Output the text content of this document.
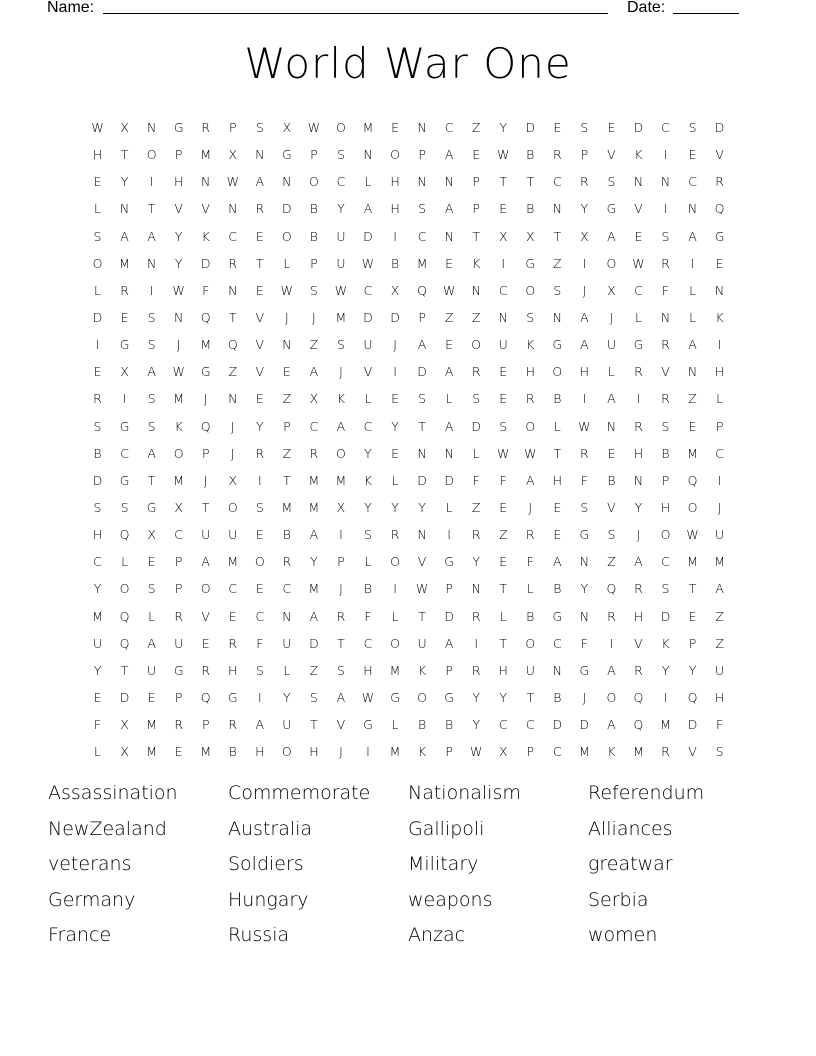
Name:	Date:
World War One
W	X	N	G	R	P	S	X	W	O	M	E	N	C	Z	Y	D	E	S	E	D	C	S	D
H	T	O	P	M	X	N	G	P	S	N	O	P	A	E	W	B	R	P	V	K	I	E	V
E	Y	I	H	N	W	A	N	O	C	L	H	N	N	P	T	T	C	R	S	N	N	C	R
L	N	T	V	V	N	R	D	B	Y	A	H	S	A	P	E	B	N	Y	G	V	I	N	Q
S	A	A	Y	K	C	E	O	B	U	D	I	C	N	T	X	X	T	X	A	E	S	A	G
O	M	N	Y	D	R	T	L	P	U	W	B	M	E	K	I	G	Z	I	O	W	R	I	E
L	R	I	W	F	N	E	W	S	W	C	X	Q	W	N	C	O	S	J	X	C	F	L	N
D	E	S	N	Q	T	V	J	J	M	D	D	P	Z	Z	N	S	N	A	J	L	N	L	K
I	G	S	J	M	Q	V	N	Z	S	U	J	A	E	O	U	K	G	A	U	G	R	A	I
E	X	A	W	G	Z	V	E	A	J	V	I	D	A	R	E	H	O	H	L	R	V	N	H
R	I	S	M	J	N	E	Z	X	K	L	E	S	L	S	E	R	B	I	A	I	R	Z	L
S	G	S	K	Q	J	Y	P	C	A	C	Y	T	A	D	S	O	L	W	N	R	S	E	P
B	C	A	O	P	J	R	Z	R	O	Y	E	N	N	L	W	W	T	R	E	H	B	M	C
D	G	T	M	J	X	I	T	M	M	K	L	D	D	F	F	A	H	F	B	N	P	Q	I
S	S	G	X	T	O	S	M	M	X	Y	Y	Y	L	Z	E	J	E	S	V	Y	H	O	J
H	Q	X	C	U	U	E	B	A	I	S	R	N	I	R	Z	R	E	G	S	J	O	W	U
C	L	E	P	A	M	O	R	Y	P	L	O	V	G	Y	E	F	A	N	Z	A	C	M	M
Y	O	S	P	O	C	E	C	M	J	B	I	W	P	N	T	L	B	Y	Q	R	S	T	A
M	Q	L	R	V	E	C	N	A	R	F	L	T	D	R	L	B	G	N	R	H	D	E	Z
U	Q	A	U	E	R	F	U	D	T	C	O	U	A	I	T	O	C	F	I	V	K	P	Z
Y	T	U	G	R	H	S	L	Z	S	H	M	K	P	R	H	U	N	G	A	R	Y	Y	U
E	D	E	P	Q	G	I	Y	S	A	W	G	O	G	Y	Y	T	B	J	O	Q	I	Q	H
F	X	M	R	P	R	A	U	T	V	G	L	B	B	Y	C	C	D	D	A	Q	M	D	F
L	X	M	E	M	B	H	O	H	J	I	M	K	P	W	X	P	C	M	K	M	R	V	S
Assassination	Commemorate	Nationalism	Referendum
NewZealand	Australia	Gallipoli	Alliances
veterans	Soldiers	Military	greatwar
Germany	Hungary	weapons	Serbia
France	Russia	Anzac	women
